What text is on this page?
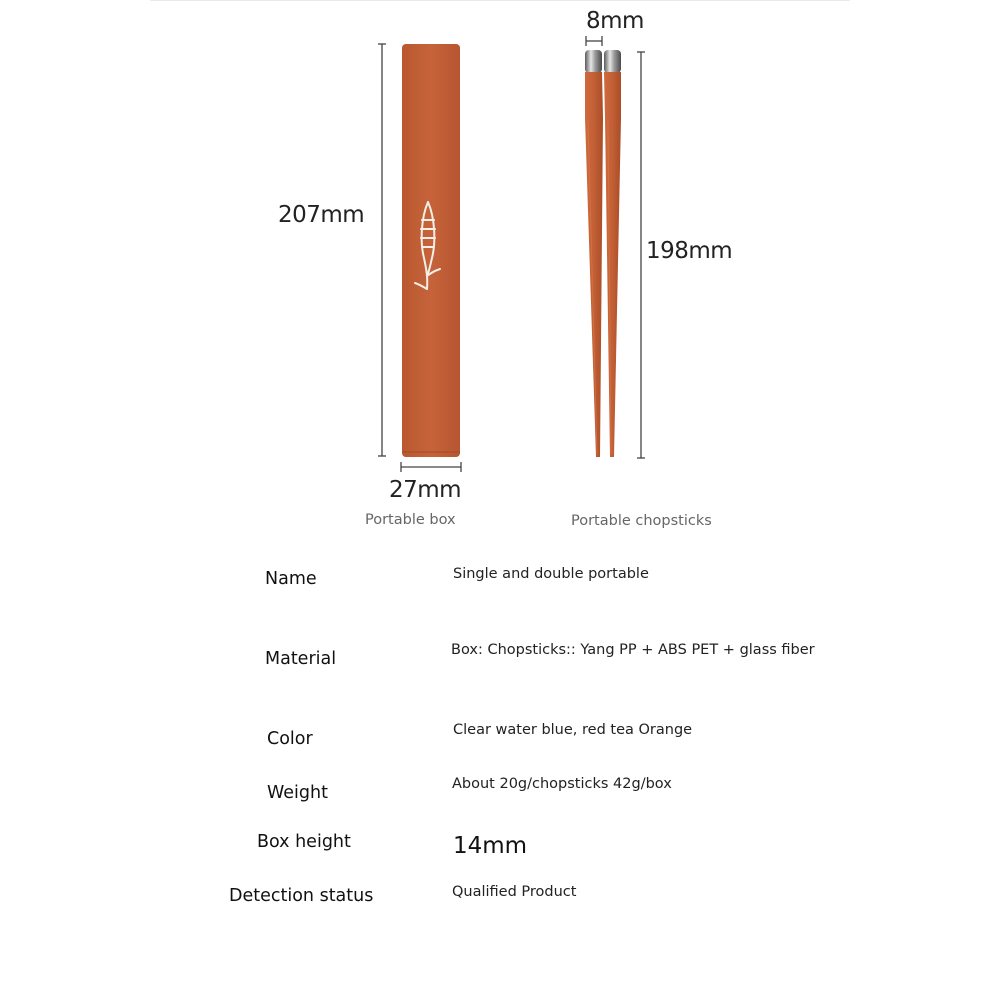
207mm
27mm
8mm
198mm
Portable box	Portable chopsticks
Name	Single and double portable
Material	Box: Chopsticks:: Yang PP + ABS PET + glass fiber
Color	Clear water blue, red tea Orange
Weight	About 20g/chopsticks 42g/box
Box height	14mm
Detection status	Qualified Product
